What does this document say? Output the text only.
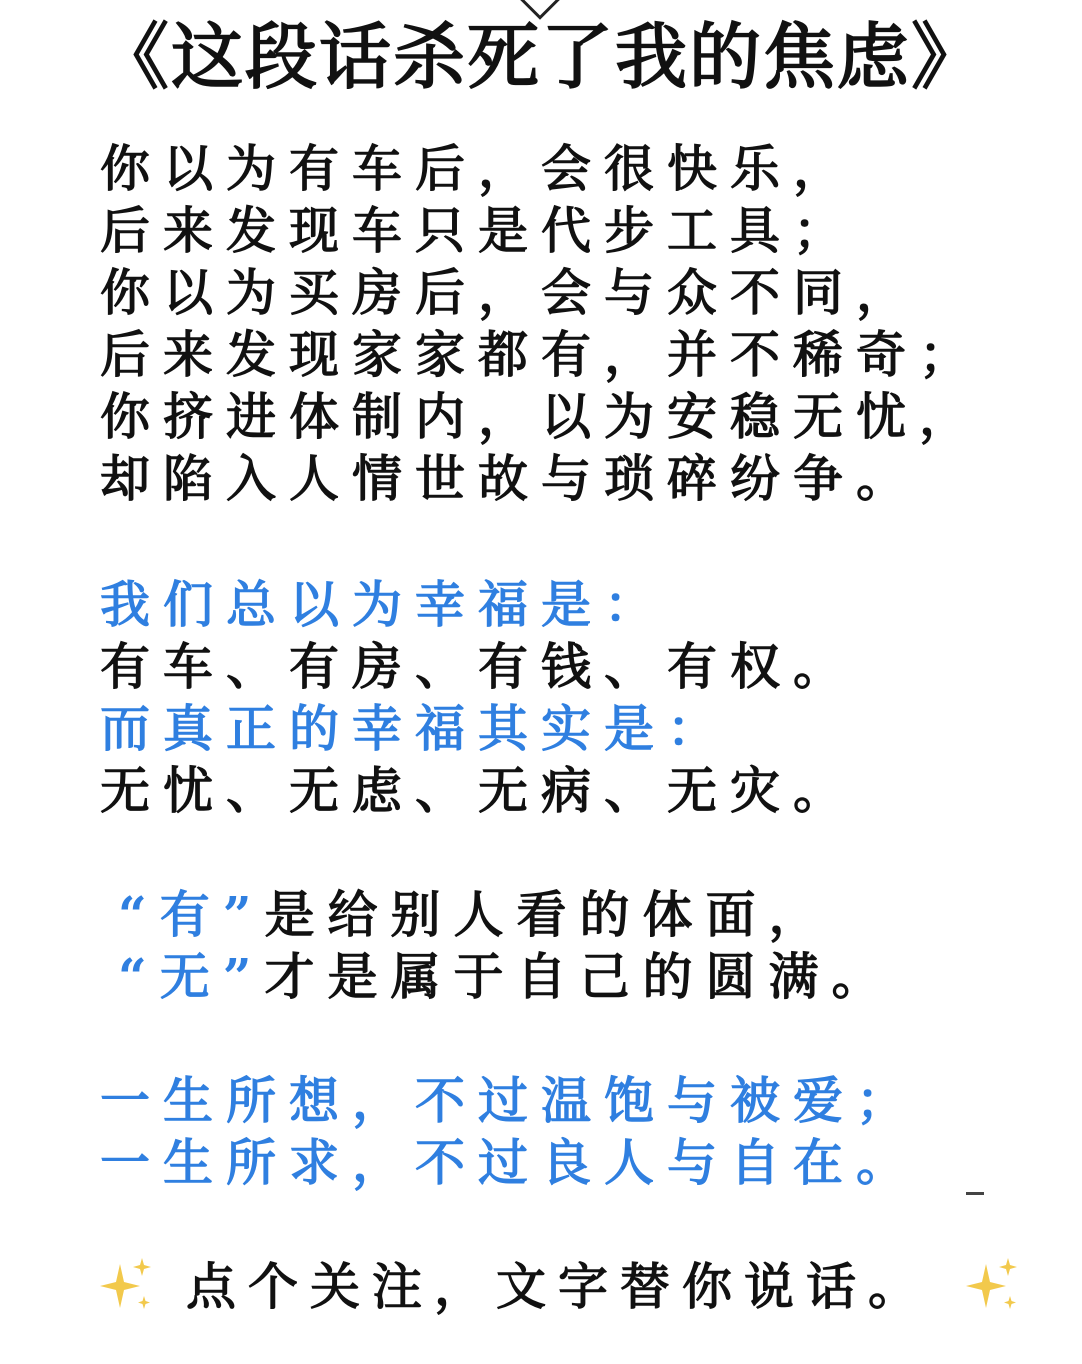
《这段话杀死了我的焦虑》
你以为有车后，会很快乐，
后来发现车只是代步工具；
你以为买房后，会与众不同，
后来发现家家都有，并不稀奇；
你挤进体制内，以为安稳无忧，
却陷入人情世故与琐碎纷争。
我们总以为幸福是：
有车、有房、有钱、有权。
而真正的幸福其实是：
无忧、无虑、无病、无灾。
“有”是给别人看的体面，
“无”才是属于自己的圆满。
一生所想，不过温饱与被爱；
一生所求，不过良人与自在。
点个关注，文字替你说话。
